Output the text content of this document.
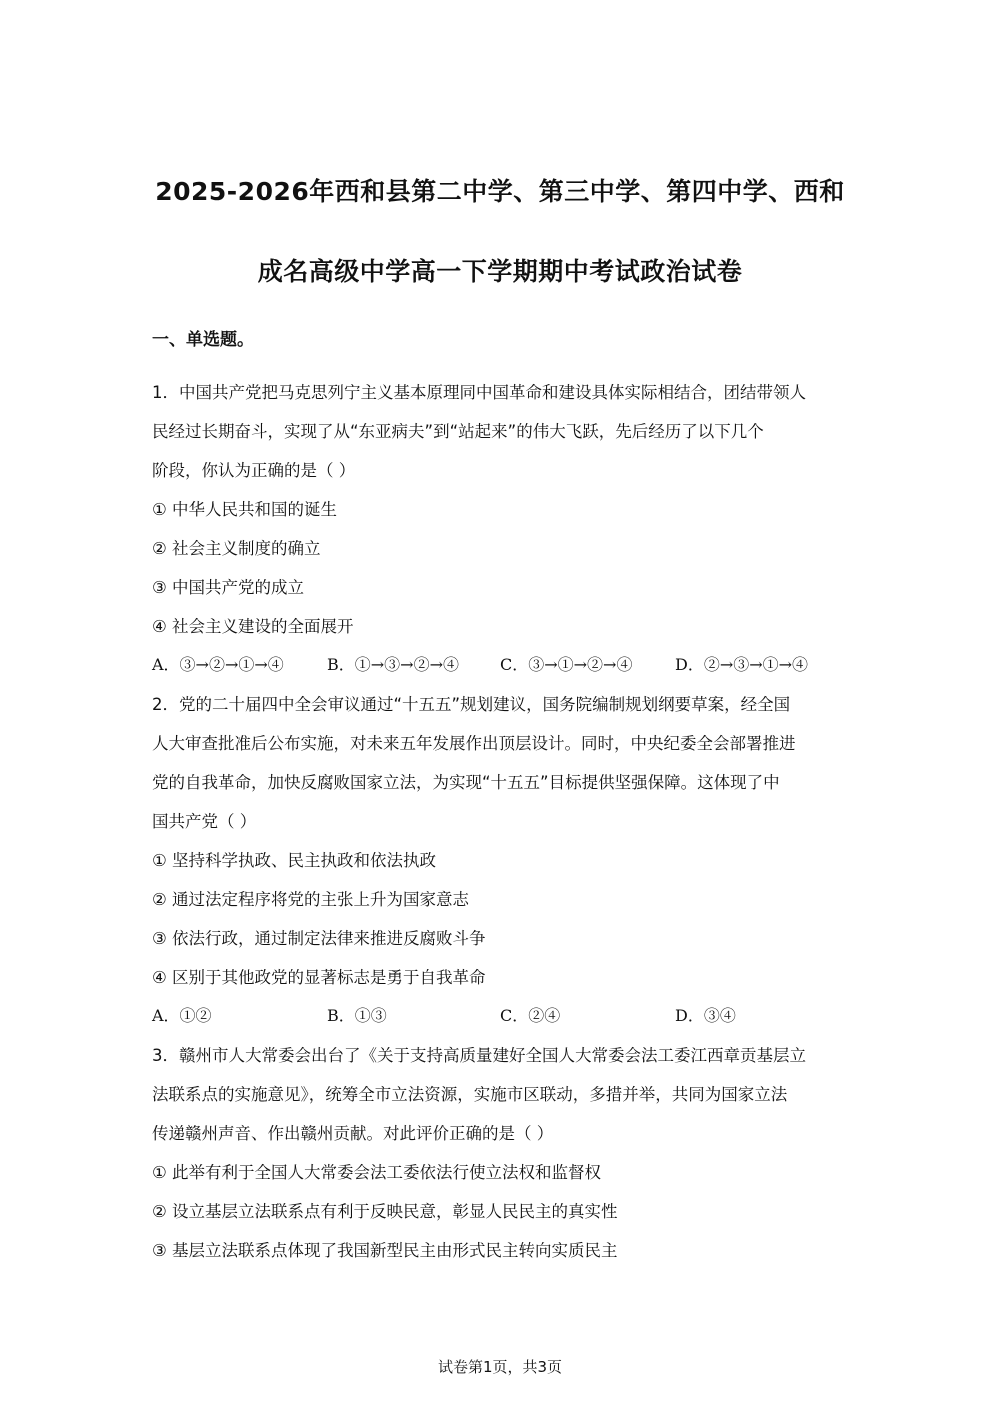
2025-2026年西和县第二中学、第三中学、第四中学、西和
成名高级中学高一下学期期中考试政治试卷
一、单选题。
1．中国共产党把马克思列宁主义基本原理同中国革命和建设具体实际相结合，团结带领人
民经过长期奋斗，实现了从“东亚病夫”到“站起来”的伟大飞跃，先后经历了以下几个
阶段，你认为正确的是（ ）
① 中华人民共和国的诞生
② 社会主义制度的确立
③ 中国共产党的成立
④ 社会主义建设的全面展开
A．③→②→①→④	B．①→③→②→④	C．③→①→②→④	D．②→③→①→④
2．党的二十届四中全会审议通过“十五五”规划建议，国务院编制规划纲要草案，经全国
人大审查批准后公布实施，对未来五年发展作出顶层设计。同时，中央纪委全会部署推进
党的自我革命，加快反腐败国家立法，为实现“十五五”目标提供坚强保障。这体现了中
国共产党（ ）
① 坚持科学执政、民主执政和依法执政
② 通过法定程序将党的主张上升为国家意志
③ 依法行政，通过制定法律来推进反腐败斗争
④ 区别于其他政党的显著标志是勇于自我革命
A．①②	B．①③	C．②④	D．③④
3．赣州市人大常委会出台了《关于支持高质量建好全国人大常委会法工委江西章贡基层立
法联系点的实施意见》，统筹全市立法资源，实施市区联动，多措并举，共同为国家立法
传递赣州声音、作出赣州贡献。对此评价正确的是（ ）
① 此举有利于全国人大常委会法工委依法行使立法权和监督权
② 设立基层立法联系点有利于反映民意，彰显人民民主的真实性
③ 基层立法联系点体现了我国新型民主由形式民主转向实质民主
试卷第1页，共3页
